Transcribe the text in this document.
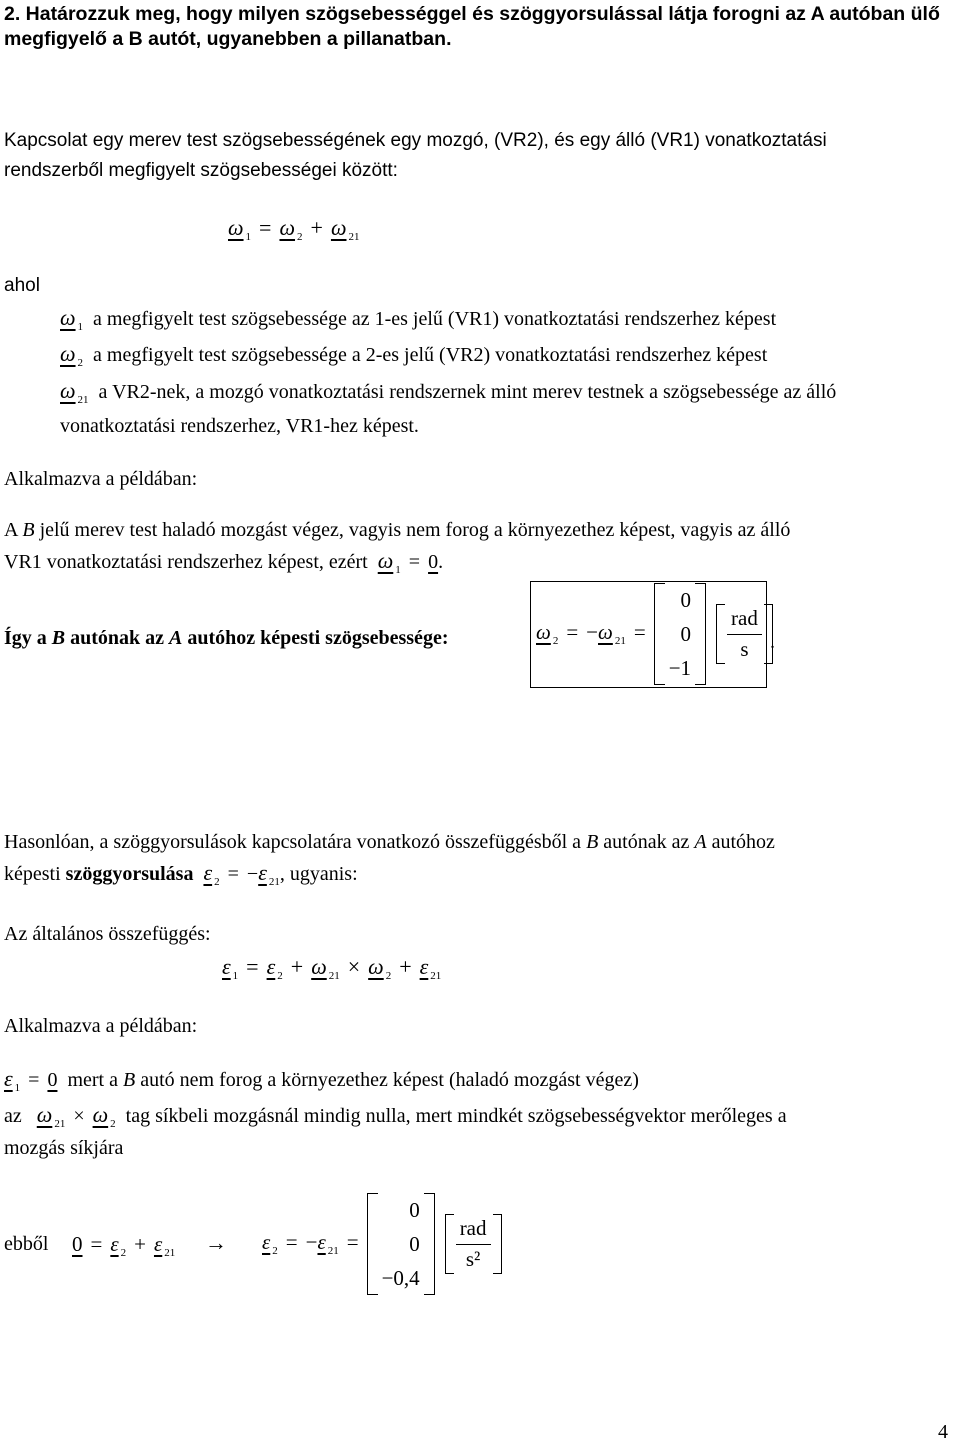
2. Határozzuk meg, hogy milyen szögsebességgel és szöggyorsulással látja forogni az A autóban ülő megfigyelő a B autót, ugyanebben a pillanatban.
Kapcsolat egy merev test szögsebességének egy mozgó, (VR2), és egy álló (VR1) vonatkoztatási
rendszerből megfigyelt szögsebességei között:
ω $_1$ = ω $_2$ + ω $_{21}$
ahol
ω $_1$ a megfigyelt test szögsebessége az 1-es jelű (VR1) vonatkoztatási rendszerhez képest
ω $_2$ a megfigyelt test szögsebessége a 2-es jelű (VR2) vonatkoztatási rendszerhez képest
ω $_{21}$ a VR2-nek, a mozgó vonatkoztatási rendszernek mint merev testnek a szögsebessége az álló
vonatkoztatási rendszerhez, VR1-hez képest.
Alkalmazva a példában:
A B jelű merev test haladó mozgást végez, vagyis nem forog a környezethez képest, vagyis az álló
VR1 vonatkoztatási rendszerhez képest, ezért ω $_1$ = 0.
Így a B autónak az A autóhoz képesti szögsebessége:	ω $_2$ = −ω $_{21}$ =
0
0
−1
$\frac{\text{rad}}{s}$
.
Hasonlóan, a szöggyorsulások kapcsolatára vonatkozó összefüggésből a B autónak az A autóhoz
képesti szöggyorsulása ε $_2$ = −ε $_{21}$, ugyanis:
Az általános összefüggés:
ε $_1$ = ε $_2$ + ω $_{21}$ × ω $_2$ + ε $_{21}$
Alkalmazva a példában:
ε $_1$ = 0 mert a B autó nem forog a környezethez képest (haladó mozgást végez)
az ω $_{21}$ × ω $_2$ tag síkbeli mozgásnál mindig nulla, mert mindkét szögsebességvektor merőleges a
mozgás síkjára
ebből 0 = ε $_2$ + ε $_{21}$ → ε $_2$ = −ε $_{21}$ =
0
0
−0,4
$\frac{\text{rad}}{\text{s²}}$
4
